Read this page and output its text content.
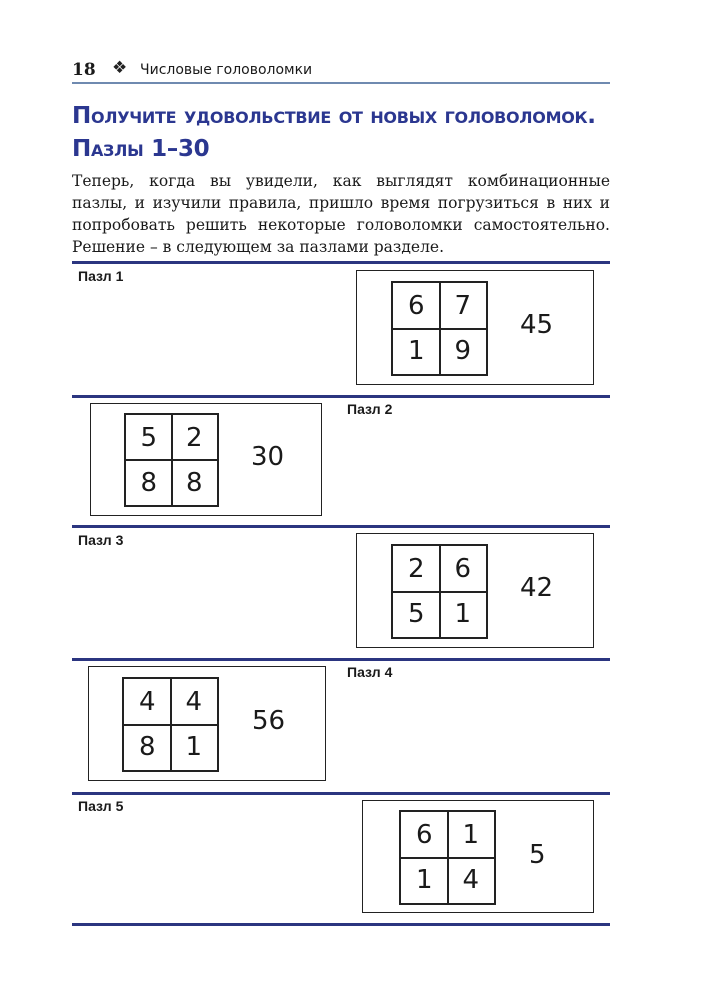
18 ❖ Числовые головоломки
Получите удовольствие от новых головоломок.
Пазлы 1–30

Теперь, когда вы увидели, как выглядят комбинационные пазлы, и изучили правила, пришло время погрузиться в них и попробовать решить некоторые головоломки самостоятельно. Решение – в следующем за пазлами разделе.

Пазл 1
6	7
1	9
45
Пазл 2
5	2
8	8
30
Пазл 3
2	6
5	1
42
Пазл 4
4	4
8	1
56
Пазл 5
6	1
1	4
5
